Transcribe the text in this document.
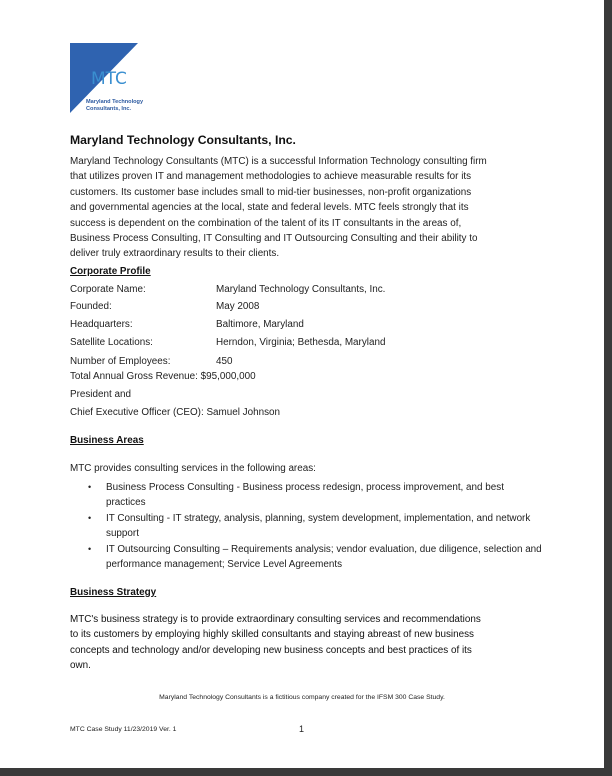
MTC
Maryland Technology Consultants, Inc.
Maryland Technology Consultants, Inc.
Maryland Technology Consultants (MTC) is a successful Information Technology consulting firm
that utilizes proven IT and management methodologies to achieve measurable results for its
customers. Its customer base includes small to mid-tier businesses, non-profit organizations
and governmental agencies at the local, state and federal levels. MTC feels strongly that its
success is dependent on the combination of the talent of its IT consultants in the areas of,
Business Process Consulting, IT Consulting and IT Outsourcing Consulting and their ability to
deliver truly extraordinary results to their clients.
Corporate Profile
Corporate Name:	Maryland Technology Consultants, Inc.
Founded:	May 2008
Headquarters:	Baltimore, Maryland
Satellite Locations:	Herndon, Virginia; Bethesda, Maryland
Number of Employees:	450
Total Annual Gross Revenue: $95,000,000
President and
Chief Executive Officer (CEO): Samuel Johnson
Business Areas
MTC provides consulting services in the following areas:
• Business Process Consulting - Business process redesign, process improvement, and best practices
• IT Consulting - IT strategy, analysis, planning, system development, implementation, and network support
• IT Outsourcing Consulting – Requirements analysis; vendor evaluation, due diligence, selection and performance management; Service Level Agreements
Business Strategy
MTC's business strategy is to provide extraordinary consulting services and recommendations
to its customers by employing highly skilled consultants and staying abreast of new business
concepts and technology and/or developing new business concepts and best practices of its
own.
Maryland Technology Consultants is a fictitious company created for the IFSM 300 Case Study.
MTC Case Study 11/23/2019 Ver. 1	1
